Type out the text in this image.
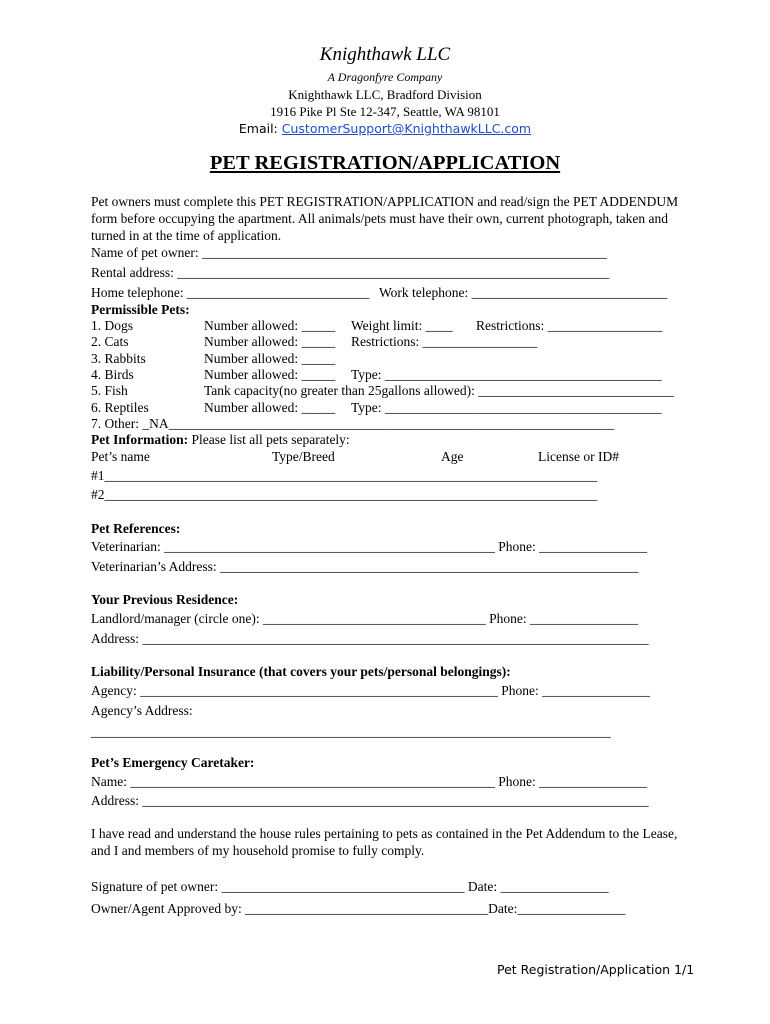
Knighthawk LLC
A Dragonfyre Company
Knighthawk LLC, Bradford Division
1916 Pike Pl Ste 12-347, Seattle, WA 98101
Email: CustomerSupport@KnighthawkLLC.com
PET REGISTRATION/APPLICATION
Pet owners must complete this PET REGISTRATION/APPLICATION and read/sign the PET ADDENDUM form before occupying the apartment. All animals/pets must have their own, current photograph, taken and turned in at the time of application.
Name of pet owner: ____________________________________________________________
Rental address: ________________________________________________________________
Home telephone: ___________________________ Work telephone: _____________________________
Permissible Pets:
1. Dogs	Number allowed: _____ Weight limit: ____ Restrictions: _________________
2. Cats	Number allowed: _____ Restrictions: _________________
3. Rabbits	Number allowed: _____
4. Birds	Number allowed: _____ Type: _________________________________________
5. Fish	Tank capacity(no greater than 25gallons allowed): _____________________________
6. Reptiles	Number allowed: _____ Type: _________________________________________
7. Other: _NA__________________________________________________________________
Pet Information: Please list all pets separately:
Pet’s name	Type/Breed	Age	License or ID#
#1_________________________________________________________________________
#2_________________________________________________________________________
Pet References:
Veterinarian: _________________________________________________ Phone: ________________
Veterinarian’s Address: ______________________________________________________________
Your Previous Residence:
Landlord/manager (circle one): _________________________________ Phone: ________________
Address: ___________________________________________________________________________
Liability/Personal Insurance (that covers your pets/personal belongings):
Agency: _____________________________________________________ Phone: ________________
Agency’s Address:
_____________________________________________________________________________
Pet’s Emergency Caretaker:
Name: ______________________________________________________ Phone: ________________
Address: ___________________________________________________________________________
I have read and understand the house rules pertaining to pets as contained in the Pet Addendum to the Lease, and I and members of my household promise to fully comply.
Signature of pet owner: ____________________________________ Date: ________________
Owner/Agent Approved by: ____________________________________Date:________________
Pet Registration/Application 1/1
